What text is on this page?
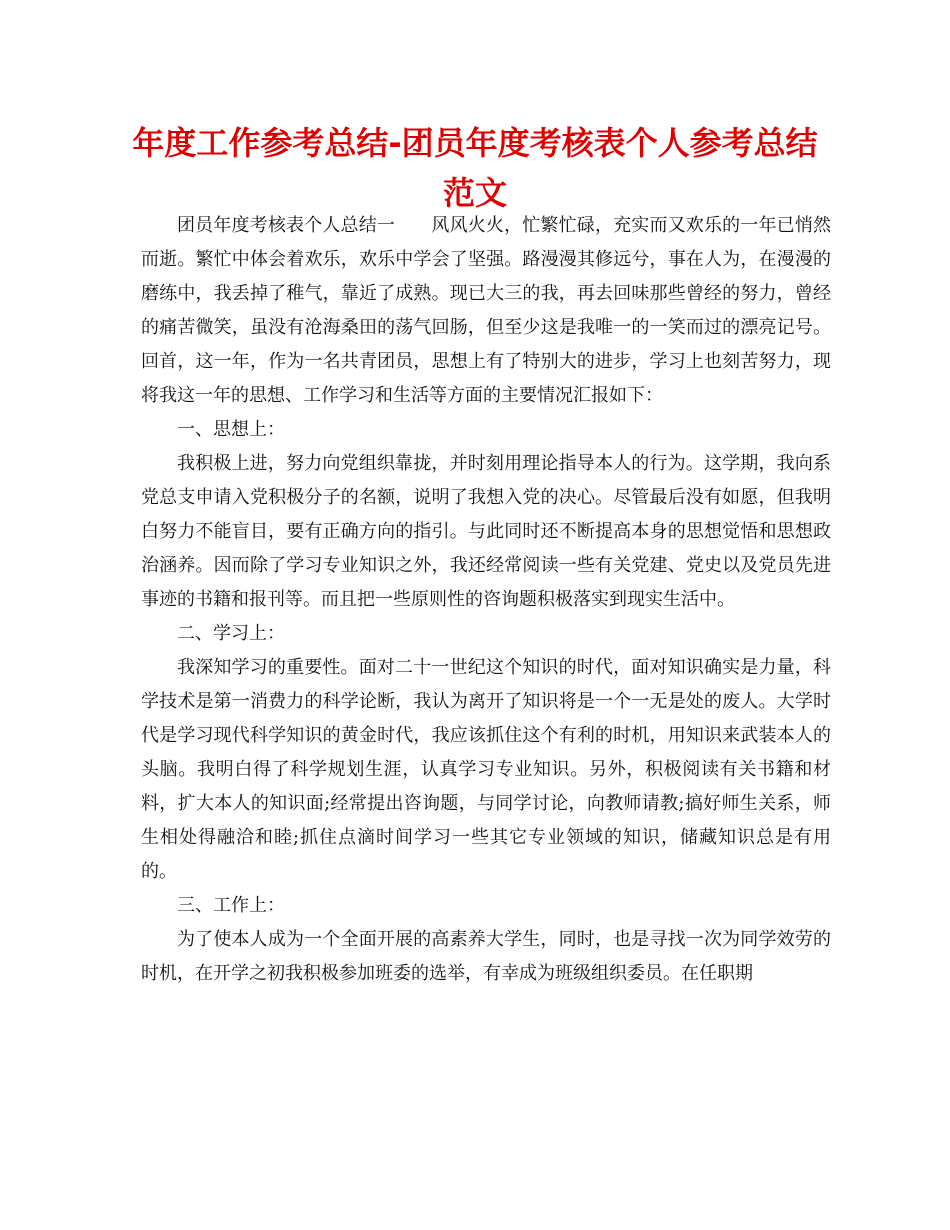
年度工作参考总结-团员年度考核表个人参考总结范文

团员年度考核表个人总结一　　风风火火，忙繁忙碌，充实而又欢乐的一年已悄然而逝。繁忙中体会着欢乐，欢乐中学会了坚强。路漫漫其修远兮，事在人为，在漫漫的磨练中，我丢掉了稚气，靠近了成熟。现已大三的我，再去回味那些曾经的努力，曾经的痛苦微笑，虽没有沧海桑田的荡气回肠，但至少这是我唯一的一笑而过的漂亮记号。回首，这一年，作为一名共青团员，思想上有了特别大的进步，学习上也刻苦努力，现将我这一年的思想、工作学习和生活等方面的主要情况汇报如下：

一、思想上：

我积极上进，努力向党组织靠拢，并时刻用理论指导本人的行为。这学期，我向系党总支申请入党积极分子的名额，说明了我想入党的决心。尽管最后没有如愿，但我明白努力不能盲目，要有正确方向的指引。与此同时还不断提高本身的思想觉悟和思想政治涵养。因而除了学习专业知识之外，我还经常阅读一些有关党建、党史以及党员先进事迹的书籍和报刊等。而且把一些原则性的咨询题积极落实到现实生活中。

二、学习上：

我深知学习的重要性。面对二十一世纪这个知识的时代，面对知识确实是力量，科学技术是第一消费力的科学论断，我认为离开了知识将是一个一无是处的废人。大学时代是学习现代科学知识的黄金时代，我应该抓住这个有利的时机，用知识来武装本人的头脑。我明白得了科学规划生涯，认真学习专业知识。另外，积极阅读有关书籍和材料，扩大本人的知识面;经常提出咨询题，与同学讨论，向教师请教;搞好师生关系，师生相处得融洽和睦;抓住点滴时间学习一些其它专业领域的知识，储藏知识总是有用的。

三、工作上：

为了使本人成为一个全面开展的高素养大学生，同时，也是寻找一次为同学效劳的时机，在开学之初我积极参加班委的选举，有幸成为班级组织委员。在任职期
